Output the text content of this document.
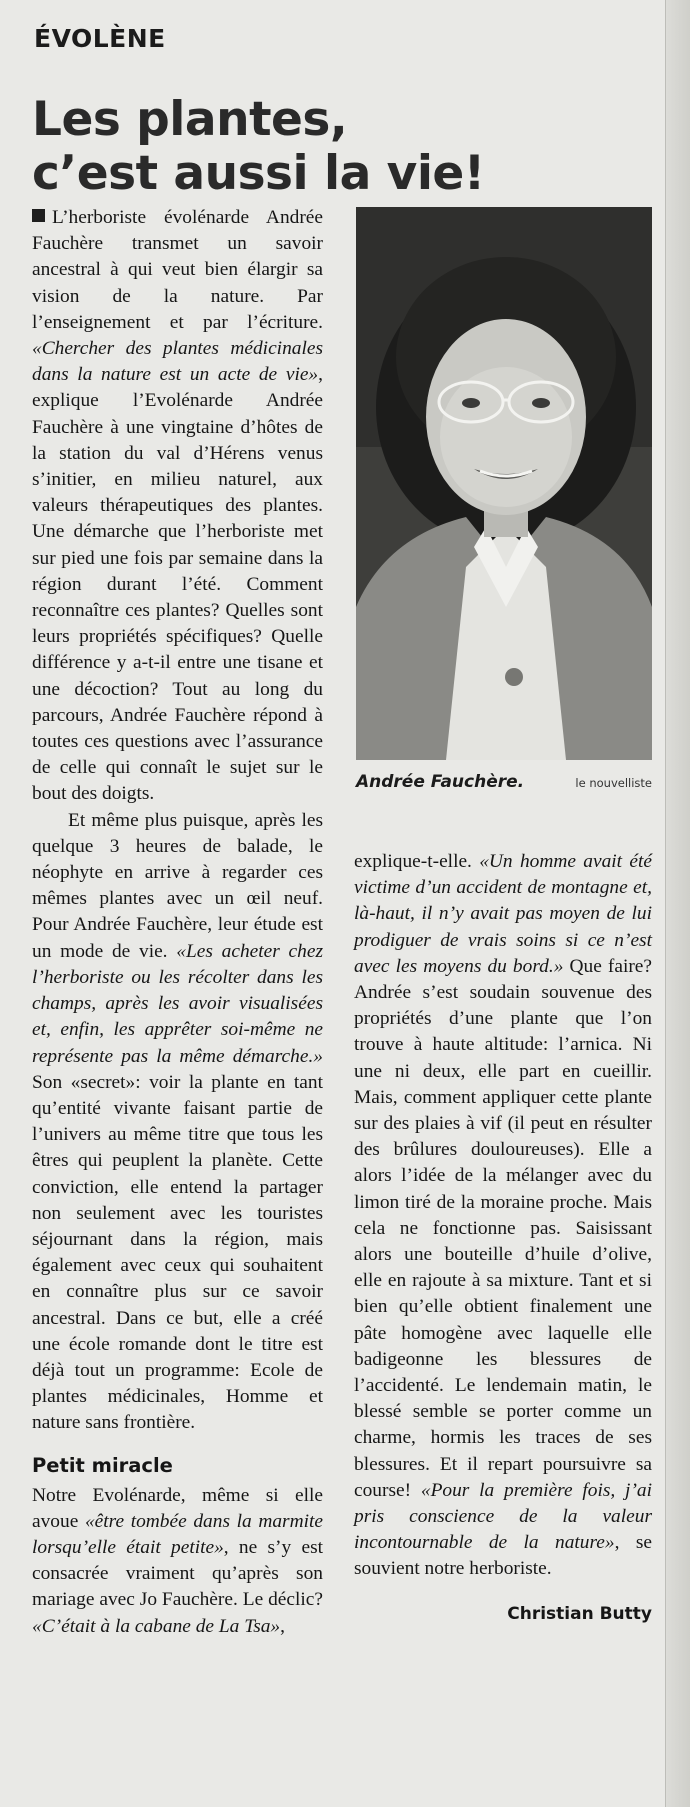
ÉVOLÈNE
Les plantes,
c’est aussi la vie!

L’herboriste évolénarde Andrée Fauchère transmet un savoir ancestral à qui veut bien élargir sa vision de la nature. Par l’enseignement et par l’écriture. «Chercher des plantes médicinales dans la nature est un acte de vie», explique l’Evolénarde Andrée Fauchère à une vingtaine d’hôtes de la station du val d’Hérens venus s’initier, en milieu naturel, aux valeurs thérapeutiques des plantes. Une démarche que l’herboriste met sur pied une fois par semaine dans la région durant l’été. Comment reconnaître ces plantes? Quelles sont leurs propriétés spécifiques? Quelle différence y a-t-il entre une tisane et une décoction? Tout au long du parcours, Andrée Fauchère répond à toutes ces questions avec l’assurance de celle qui connaît le sujet sur le bout des doigts.

Et même plus puisque, après les quelque 3 heures de balade, le néophyte en arrive à regarder ces mêmes plantes avec un œil neuf. Pour Andrée Fauchère, leur étude est un mode de vie. «Les acheter chez l’herboriste ou les récolter dans les champs, après les avoir visualisées et, enfin, les apprêter soi-même ne représente pas la même démarche.» Son «secret»: voir la plante en tant qu’entité vivante faisant partie de l’univers au même titre que tous les êtres qui peuplent la planète. Cette conviction, elle entend la partager non seulement avec les touristes séjournant dans la région, mais également avec ceux qui souhaitent en connaître plus sur ce savoir ancestral. Dans ce but, elle a créé une école romande dont le titre est déjà tout un programme: Ecole de plantes médicinales, Homme et nature sans frontière.

Petit miracle

Notre Evolénarde, même si elle avoue «être tombée dans la marmite lorsqu’elle était petite», ne s’y est consacrée vraiment qu’après son mariage avec Jo Fauchère. Le déclic? «C’était à la cabane de La Tsa»,

Andrée Fauchère.	le nouvelliste

explique-t-elle. «Un homme avait été victime d’un accident de montagne et, là-haut, il n’y avait pas moyen de lui prodiguer de vrais soins si ce n’est avec les moyens du bord.» Que faire? Andrée s’est soudain souvenue des propriétés d’une plante que l’on trouve à haute altitude: l’arnica. Ni une ni deux, elle part en cueillir. Mais, comment appliquer cette plante sur des plaies à vif (il peut en résulter des brûlures douloureuses). Elle a alors l’idée de la mélanger avec du limon tiré de la moraine proche. Mais cela ne fonctionne pas. Saisissant alors une bouteille d’huile d’olive, elle en rajoute à sa mixture. Tant et si bien qu’elle obtient finalement une pâte homogène avec laquelle elle badigeonne les blessures de l’accidenté. Le lendemain matin, le blessé semble se porter comme un charme, hormis les traces de ses blessures. Et il repart poursuivre sa course! «Pour la première fois, j’ai pris conscience de la valeur incontournable de la nature», se souvient notre herboriste.

Christian Butty
